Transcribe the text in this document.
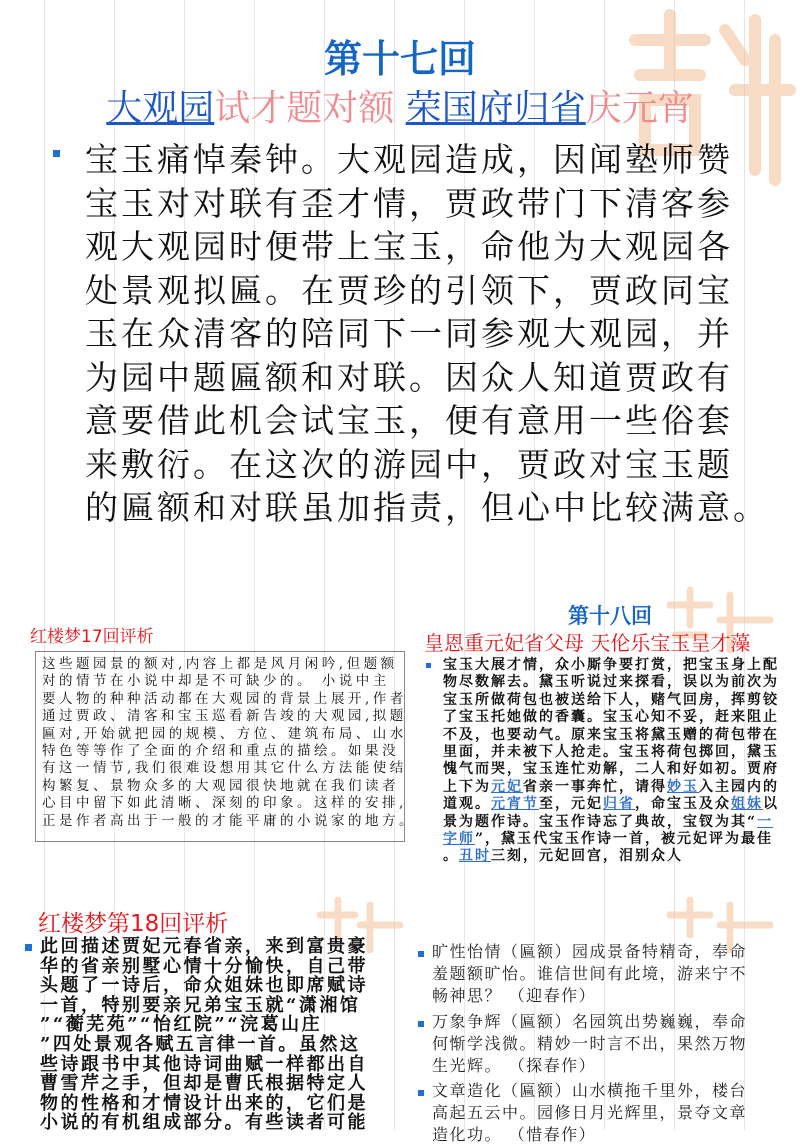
第十七回
大观园试才题对额 荣国府归省庆元宵
宝玉痛悼秦钟。大观园造成，因闻塾师赞
宝玉对对联有歪才情，贾政带门下清客参
观大观园时便带上宝玉，命他为大观园各
处景观拟匾。在贾珍的引领下，贾政同宝
玉在众清客的陪同下一同参观大观园，并
为园中题匾额和对联。因众人知道贾政有
意要借此机会试宝玉，便有意用一些俗套
来敷衍。在这次的游园中，贾政对宝玉题
的匾额和对联虽加指责，但心中比较满意。
红楼梦17回评析
这些题园景的额对,内容上都是风月闲吟,但题额
对的情节在小说中却是不可缺少的。 小说中主
要人物的种种活动都在大观园的背景上展开,作者
通过贾政、清客和宝玉巡看新告竣的大观园,拟题
匾对,开始就把园的规模、方位、建筑布局、山水
特色等等作了全面的介绍和重点的描绘。如果没
有这一情节,我们很难设想用其它什么方法能使结
构繁复、景物众多的大观园很快地就在我们读者
心目中留下如此清晰、深刻的印象。这样的安排,
正是作者高出于一般的才能平庸的小说家的地方。
第十八回
皇恩重元妃省父母 天伦乐宝玉呈才藻
宝玉大展才情，众小厮争要打赏，把宝玉身上配
物尽数解去。黛玉听说过来探看，误以为前次为
宝玉所做荷包也被送给下人，赌气回房，挥剪铰
了宝玉托她做的香囊。宝玉心知不妥，赶来阻止
不及，也要动气。原来宝玉将黛玉赠的荷包带在
里面，并未被下人抢走。宝玉将荷包掷回，黛玉
愧气而哭，宝玉连忙劝解，二人和好如初。贾府
上下为元妃省亲一事奔忙，请得妙玉入主园内的
道观。元宵节至，元妃归省，命宝玉及众姐妹以
景为题作诗。宝玉作诗忘了典故，宝钗为其“一
字师”，黛玉代宝玉作诗一首，被元妃评为最佳
。丑时三刻，元妃回宫，泪别众人
红楼梦第18回评析
此回描述贾妃元春省亲，来到富贵豪
华的省亲别墅心情十分愉快，自己带
头题了一诗后，命众姐妹也即席赋诗
一首，特别要亲兄弟宝玉就“潇湘馆
”“蘅芜苑”“怡红院”“浣葛山庄
”四处景观各赋五言律一首。虽然这
些诗跟书中其他诗词曲赋一样都出自
曹雪芹之手，但却是曹氏根据特定人
物的性格和才情设计出来的，它们是
小说的有机组成部分。有些读者可能
旷性怡情（匾额）园成景备特精奇，奉命
羞题额旷怡。谁信世间有此境，游来宁不
畅神思？ （迎春作）
万象争辉（匾额）名园筑出势巍巍，奉命
何惭学浅微。精妙一时言不出，果然万物
生光辉。 （探春作）
文章造化（匾额）山水横拖千里外，楼台
高起五云中。园修日月光辉里，景夺文章
造化功。 （惜春作）
